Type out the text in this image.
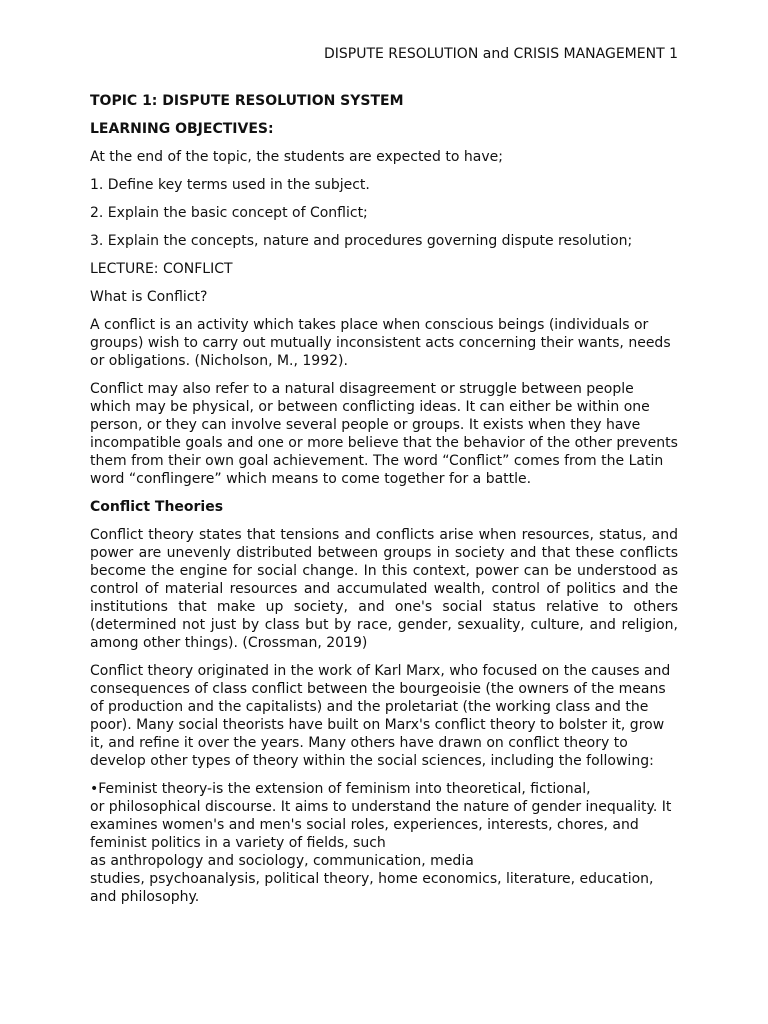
DISPUTE RESOLUTION and CRISIS MANAGEMENT 1

TOPIC 1: DISPUTE RESOLUTION SYSTEM

LEARNING OBJECTIVES:

At the end of the topic, the students are expected to have;

1. Define key terms used in the subject.

2. Explain the basic concept of Conflict;

3. Explain the concepts, nature and procedures governing dispute resolution;

LECTURE: CONFLICT

What is Conflict?

A conflict is an activity which takes place when conscious beings (individuals or groups) wish to carry out mutually inconsistent acts concerning their wants, needs or obligations. (Nicholson, M., 1992).

Conflict may also refer to a natural disagreement or struggle between people which may be physical, or between conflicting ideas. It can either be within one person, or they can involve several people or groups. It exists when they have incompatible goals and one or more believe that the behavior of the other prevents them from their own goal achievement. The word “Conflict” comes from the Latin word “conflingere” which means to come together for a battle.

Conflict Theories

Conflict theory states that tensions and conflicts arise when resources, status, and power are unevenly distributed between groups in society and that these conflicts become the engine for social change. In this context, power can be understood as control of material resources and accumulated wealth, control of politics and the institutions that make up society, and one's social status relative to others (determined not just by class but by race, gender, sexuality, culture, and religion, among other things). (Crossman, 2019)

Conflict theory originated in the work of Karl Marx, who focused on the causes and consequences of class conflict between the bourgeoisie (the owners of the means of production and the capitalists) and the proletariat (the working class and the poor). Many social theorists have built on Marx's conflict theory to bolster it, grow it, and refine it over the years. Many others have drawn on conflict theory to develop other types of theory within the social sciences, including the following:

•Feminist theory-is the extension of feminism into theoretical, fictional,
or philosophical discourse. It aims to understand the nature of gender inequality. It examines women's and men's social roles, experiences, interests, chores, and feminist politics in a variety of fields, such
as anthropology and sociology, communication, media
studies, psychoanalysis, political theory, home economics, literature, education, and philosophy.
